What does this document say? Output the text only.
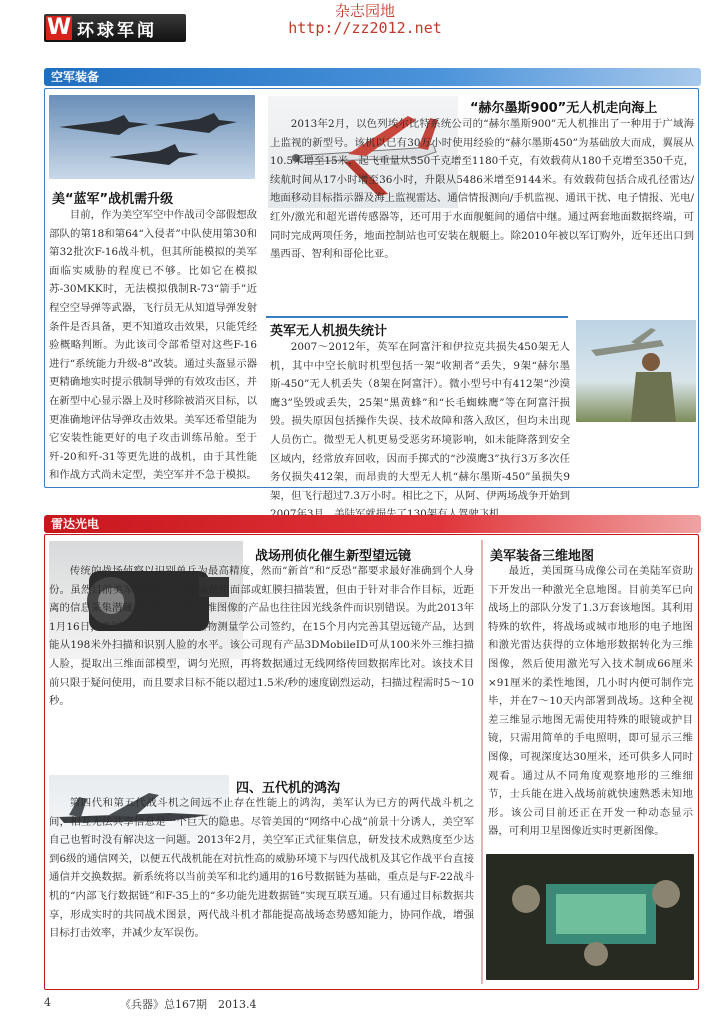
W 环球军闻
杂志园地
http://zz2012.net
空军装备
美“蓝军”战机需升级

目前，作为美空军空中作战司令部假想敌部队的第18和第64“入侵者”中队使用第30和第32批次F-16战斗机，但其所能模拟的美军面临实威胁的程度已不够。比如它在模拟苏-30MKK时，无法模拟俄制R-73“箭手”近程空空导弹等武器，飞行员无从知道导弹发射条件是否具备，更不知道攻击效果，只能凭经验概略判断。为此该司令部希望对这些F-16进行“系统能力升级-8”改装。通过头盔显示器更精确地实时提示俄制导弹的有效攻击区，并在新型中心显示器上及时移除被消灭目标，以更准确地评估导弹攻击效果。美军还希望能为它安装性能更好的电子攻击训练吊舱。至于歼-20和歼-31等更先进的战机，由于其性能和作战方式尚未定型，美空军并不急于模拟。

“赫尔墨斯900”无人机走向海上

2013年2月，以色列埃尔比特系统公司的“赫尔墨斯900”无人机推出了一种用于广域海上监视的新型号。该机以已有30万小时使用经验的“赫尔墨斯450”为基础放大而成，翼展从10.5米增至15米，起飞重量从550千克增至1180千克，有效载荷从180千克增至350千克，续航时间从17小时增至36小时，升限从5486米增至9144米。有效载荷包括合成孔径雷达/地面移动目标指示器及海上监视雷达、通信情报测向/手机监视、通讯干扰、电子情报、光电/红外/激光和超光谱传感器等，还可用于水面舰艇间的通信中继。通过两套地面数据终端，可同时完成两项任务，地面控制站也可安装在舰艇上。除2010年被以军订购外，近年还出口到墨西哥、智利和哥伦比亚。

英军无人机损失统计

2007～2012年，英军在阿富汗和伊拉克共损失450架无人机，其中中空长航时机型包括一架“收割者”丢失，9架“赫尔墨斯-450”无人机丢失（8架在阿富汗）。微小型号中有412架“沙漠鹰3”坠毁或丢失，25架“黑黄蜂”和“长毛蜘蛛鹰”等在阿富汗损毁。损失原因包括操作失误、技术故障和落入敌区，但均未出现人员伤亡。微型无人机更易受恶劣环境影响，如未能降落到安全区域内，经常放弃回收，因而手掷式的“沙漠鹰3”执行3万多次任务仅损失412架，而昂贵的大型无人机“赫尔墨斯-450”虽损失9架，但飞行超过7.3万小时。相比之下，从阿、伊两场战争开始到

雷达光电
战场刑侦化催生新型望远镜

传统的战场侦察以识别单兵为最高精度，然而“新首”和“反恐”都要求最好准确到个人身份。虽然目前美军在战场上已普遍使用面部或虹膜扫描装置，但由于针对非合作目标，近距离的信息采集潜藏着危险。扫描二维图像的产品也往往因光线条件而识别错误。为此2013年1月16日，美国海军与加州一家生物测量学公司签约，在15个月内完善其望远镜产品，达到能从198米外扫描和识别人脸的水平。该公司现有产品3DMobileID可从100米外三维扫描人脸，提取出三维面部模型，调匀光照，再将数据通过无线网络传回数据库比对。该技术目前只限于疑问使用，而且要求目标不能以超过1.5米/秒的速度剧烈运动，扫描过程需时5～10秒。

美军装备三维地图

最近，美国斑马成像公司在美陆军资助下开发出一种激光全息地图。目前美军已向战场上的部队分发了1.3万套该地图。其利用特殊的软件，将战场或城市地形的电子地图和激光雷达获得的立体地形数据转化为三维图像，然后使用激光写入技术制成66厘米×91厘米的柔性地图，几小时内便可制作完毕，并在7～10天内部署到战场。这种全视差三维显示地图无需使用特殊的眼镜或护目镜，只需用简单的手电照明，即可显示三维图像，可视深度达30厘米，还可供多人同时观看。通过从不同角度观察地形的三维细节，士兵能在进入战场前就快速熟悉未知地形。该公司目前还正在开发一种动态显示器，可利用卫星图像近实时更新图像。

四、五代机的鸿沟

第四代和第五代战斗机之间远不止存在性能上的鸿沟，美军认为已方的两代战斗机之间，相互无法共享信息是一个巨大的隐患。尽管美国的“网络中心战”前景十分诱人，美空军自己也暂时没有解决这一问题。2013年2月，美空军正式征集信息，研发技术成熟度至少达到6级的通信网关，以便五代战机能在对抗性高的威胁环境下与四代战机及其它作战平台直接通信并交换数据。新系统将以当前美军和北约通用的16号数据链为基础，重点是与F-22战斗机的“内部飞行数据链”和F-35上的“多功能先进数据链”实现互联互通。只有通过目标数据共享，形成实时的共同战术图景，两代战斗机才都能提高战场态势感知能力，协同作战，增强目标打击效率，并减少友军误伤。

4	《兵器》总167期　2013.4
